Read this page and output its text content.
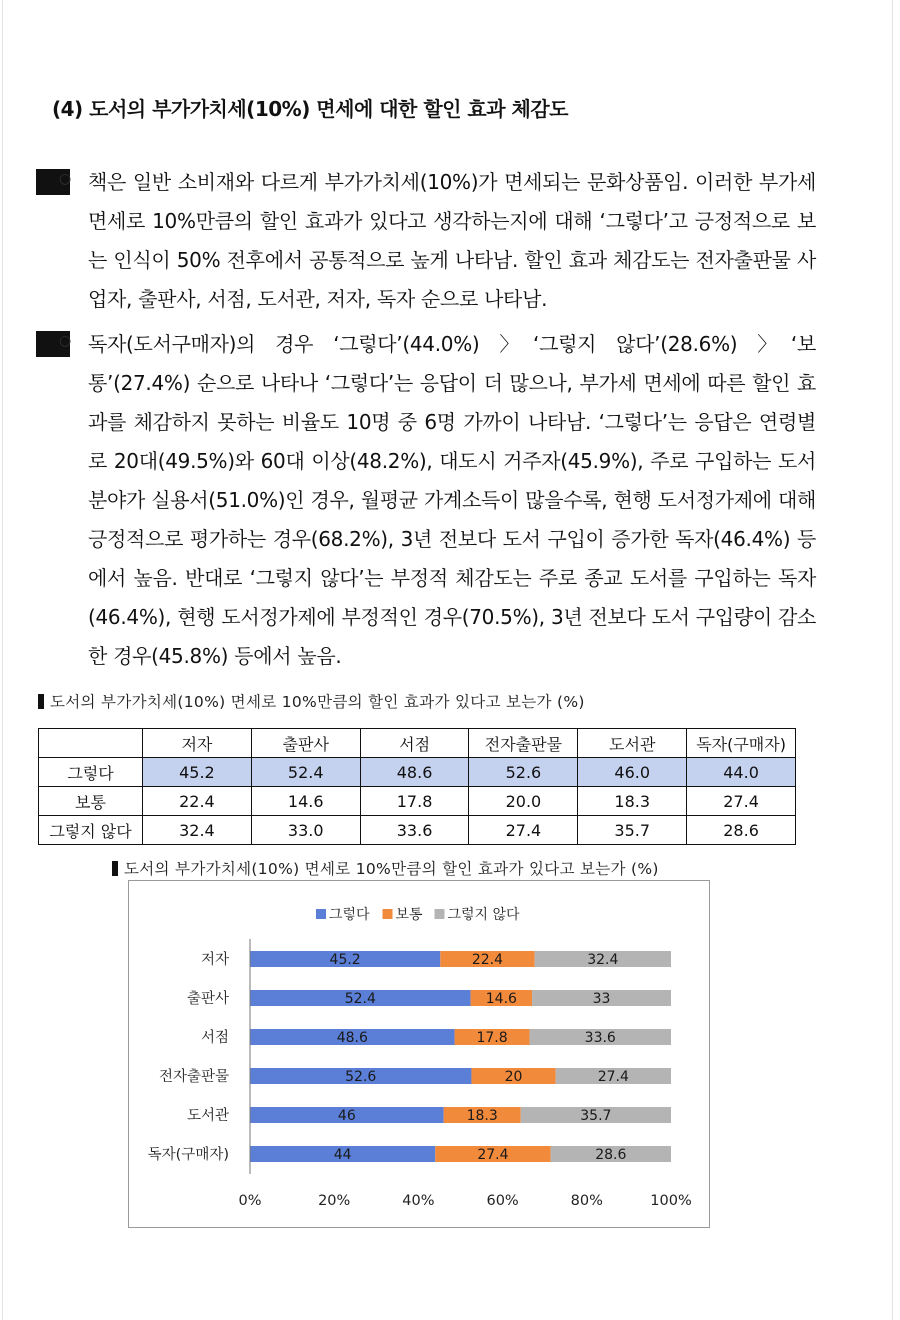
(4) 도서의 부가가치세(10%) 면세에 대한 할인 효과 체감도
○ 책은 일반 소비재와 다르게 부가가치세(10%)가 면세되는 문화상품임. 이러한 부가세 면세로 10%만큼의 할인 효과가 있다고 생각하는지에 대해 ‘그렇다’고 긍정적으로 보는 인식이 50% 전후에서 공통적으로 높게 나타남. 할인 효과 체감도는 전자출판물 사업자, 출판사, 서점, 도서관, 저자, 독자 순으로 나타남.

○ 독자(도서구매자)의 경우 ‘그렇다’(44.0%) 〉‘그렇지 않다’(28.6%) 〉‘보통’(27.4%) 순으로 나타나 ‘그렇다’는 응답이 더 많으나, 부가세 면세에 따른 할인 효과를 체감하지 못하는 비율도 10명 중 6명 가까이 나타남. ‘그렇다’는 응답은 연령별로 20대(49.5%)와 60대 이상(48.2%), 대도시 거주자(45.9%), 주로 구입하는 도서 분야가 실용서(51.0%)인 경우, 월평균 가계소득이 많을수록, 현행 도서정가제에 대해 긍정적으로 평가하는 경우(68.2%), 3년 전보다 도서 구입이 증가한 독자(46.4%) 등에서 높음. 반대로 ‘그렇지 않다’는 부정적 체감도는 주로 종교 도서를 구입하는 독자(46.4%), 현행 도서정가제에 부정적인 경우(70.5%), 3년 전보다 도서 구입량이 감소한 경우(45.8%) 등에서 높음.

도서의 부가가치세(10%) 면세로 10%만큼의 할인 효과가 있다고 보는가 (%)
	저자	출판사	서점	전자출판물	도서관	독자(구매자)
그렇다	45.2	52.4	48.6	52.6	46.0	44.0
보통	22.4	14.6	17.8	20.0	18.3	27.4
그렇지 않다	32.4	33.0	33.6	27.4	35.7	28.6
도서의 부가가치세(10%) 면세로 10%만큼의 할인 효과가 있다고 보는가 (%)
그렇다 보통 그렇지 않다
저자	45.2	22.4	32.4
출판사	52.4	14.6	33
서점	48.6	17.8	33.6
전자출판물	52.6	20	27.4
도서관	46	18.3	35.7
독자(구매자)	44	27.4	28.6
0%	20%	40%	60%	80%	100%
